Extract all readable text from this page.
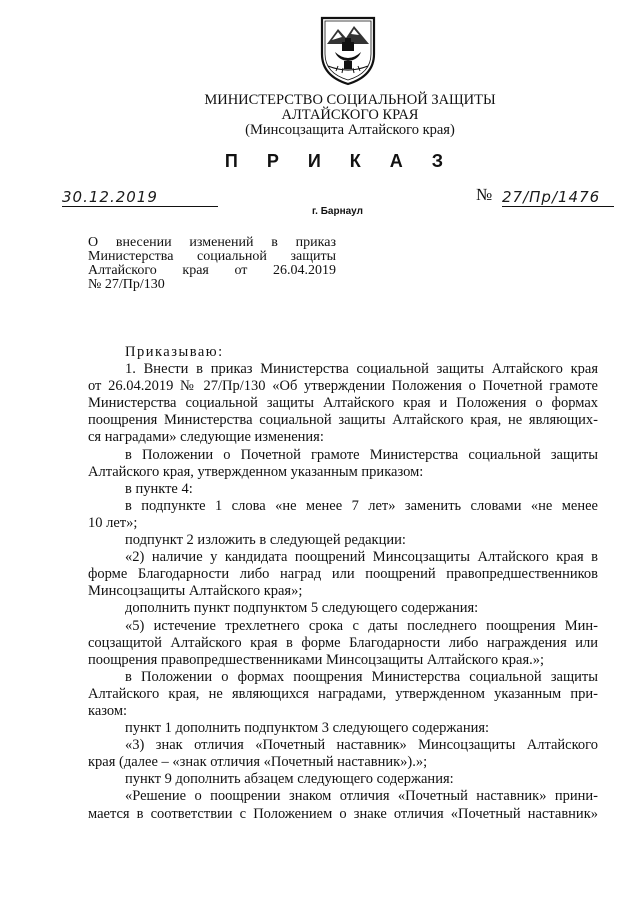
МИНИСТЕРСТВО СОЦИАЛЬНОЙ ЗАЩИТЫ
АЛТАЙСКОГО КРАЯ
(Минсоцзащита Алтайского края)
П Р И К А З
30.12.2019	№ 27/Пр/1476
г. Барнаул
О внесении изменений в приказ
Министерства социальной защиты
Алтайского края от 26.04.2019
№ 27/Пр/130
Приказываю:
1. Внести в приказ Министерства социальной защиты Алтайского края
от 26.04.2019 № 27/Пр/130 «Об утверждении Положения о Почетной грамоте
Министерства социальной защиты Алтайского края и Положения о формах
поощрения Министерства социальной защиты Алтайского края, не являющих-
ся наградами» следующие изменения:
в Положении о Почетной грамоте Министерства социальной защиты
Алтайского края, утвержденном указанным приказом:
в пункте 4:
в подпункте 1 слова «не менее 7 лет» заменить словами «не менее
10 лет»;
подпункт 2 изложить в следующей редакции:
«2) наличие у кандидата поощрений Минсоцзащиты Алтайского края в
форме Благодарности либо наград или поощрений правопредшественников
Минсоцзащиты Алтайского края»;
дополнить пункт подпунктом 5 следующего содержания:
«5) истечение трехлетнего срока с даты последнего поощрения Мин-
соцзащитой Алтайского края в форме Благодарности либо награждения или
поощрения правопредшественниками Минсоцзащиты Алтайского края.»;
в Положении о формах поощрения Министерства социальной защиты
Алтайского края, не являющихся наградами, утвержденном указанным при-
казом:
пункт 1 дополнить подпунктом 3 следующего содержания:
«3) знак отличия «Почетный наставник» Минсоцзащиты Алтайского
края (далее – «знак отличия «Почетный наставник»).»;
пункт 9 дополнить абзацем следующего содержания:
«Решение о поощрении знаком отличия «Почетный наставник» прини-
мается в соответствии с Положением о знаке отличия «Почетный наставник»
